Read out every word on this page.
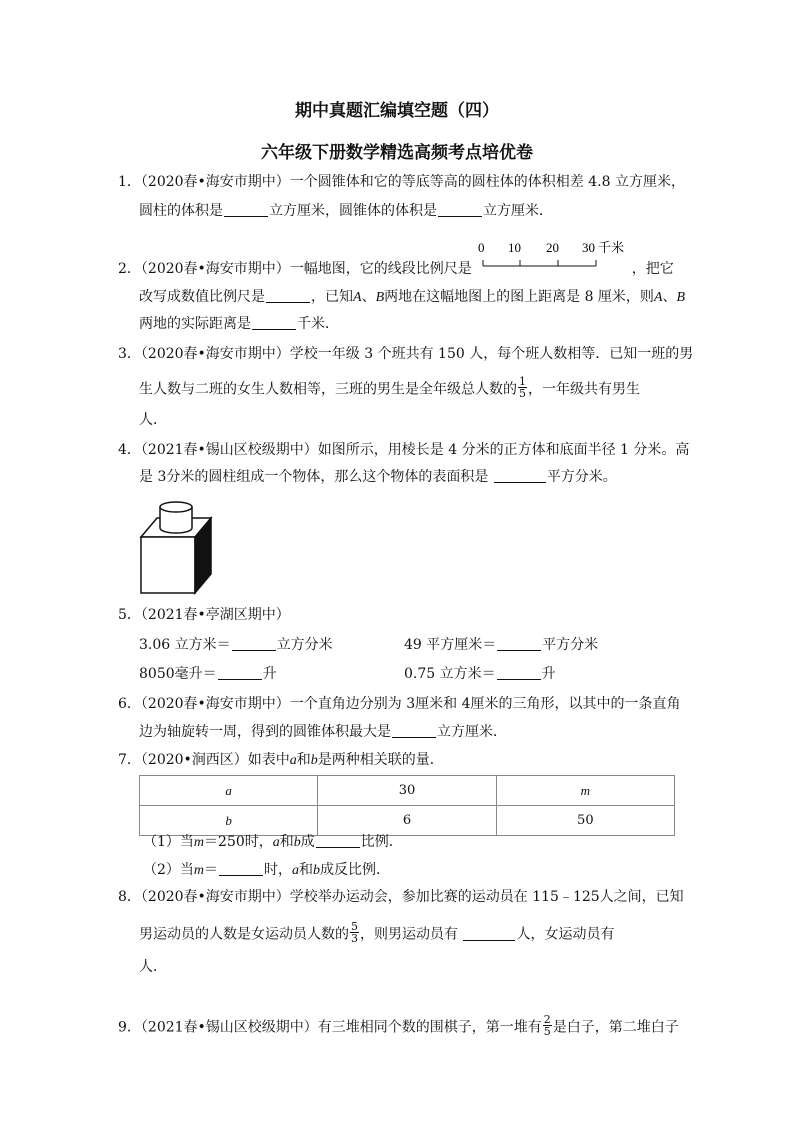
期中真题汇编填空题（四）
六年级下册数学精选高频考点培优卷
1．（2020春•海安市期中）一个圆锥体和它的等底等高的圆柱体的体积相差 4.8 立方厘米，
圆柱的体积是	立方厘米，圆锥体的体积是	立方厘米．
2．（2020春•海安市期中）一幅地图，它的线段比例尺是	，把它
0 10 20 30 千米
改写成数值比例尺是	，已知A、B两地在这幅地图上的图上距离是 8 厘米，则A、B
两地的实际距离是	千米．
3．（2020春•海安市期中）学校一年级 3 个班共有 150 人，每个班人数相等．已知一班的男
生人数与二班的女生人数相等，三班的男生是全年级总人数的 $\frac{1}{5}$ ，一年级共有男生
人．
4．（2021春•锡山区校级期中）如图所示，用棱长是 4 分米的正方体和底面半径 1 分米。高
是 3分米的圆柱组成一个物体，那么这个物体的表面积是	平方分米。
5．（2021春•亭湖区期中）
3.06 立方米＝	立方分米	49 平方厘米＝	平方分米
8050毫升＝	升	0.75 立方米＝	升
6．（2020春•海安市期中）一个直角边分别为 3厘米和 4厘米的三角形，以其中的一条直角
边为轴旋转一周，得到的圆锥体积最大是	立方厘米．
7．（2020•涧西区）如表中a和b是两种相关联的量．
a	30	m
b	6	50
（1）当m＝250时，a和b成	比例．
（2）当m＝	时，a和b成反比例．
8．（2020春•海安市期中）学校举办运动会，参加比赛的运动员在 115﹣125人之间，已知
男运动员的人数是女运动员人数的 $\frac{5}{3}$ ，则男运动员有	人，女运动员有
人．
9．（2021春•锡山区校级期中）有三堆相同个数的围棋子，第一堆有 $\frac{2}{5}$ 是白子，第二堆白子
